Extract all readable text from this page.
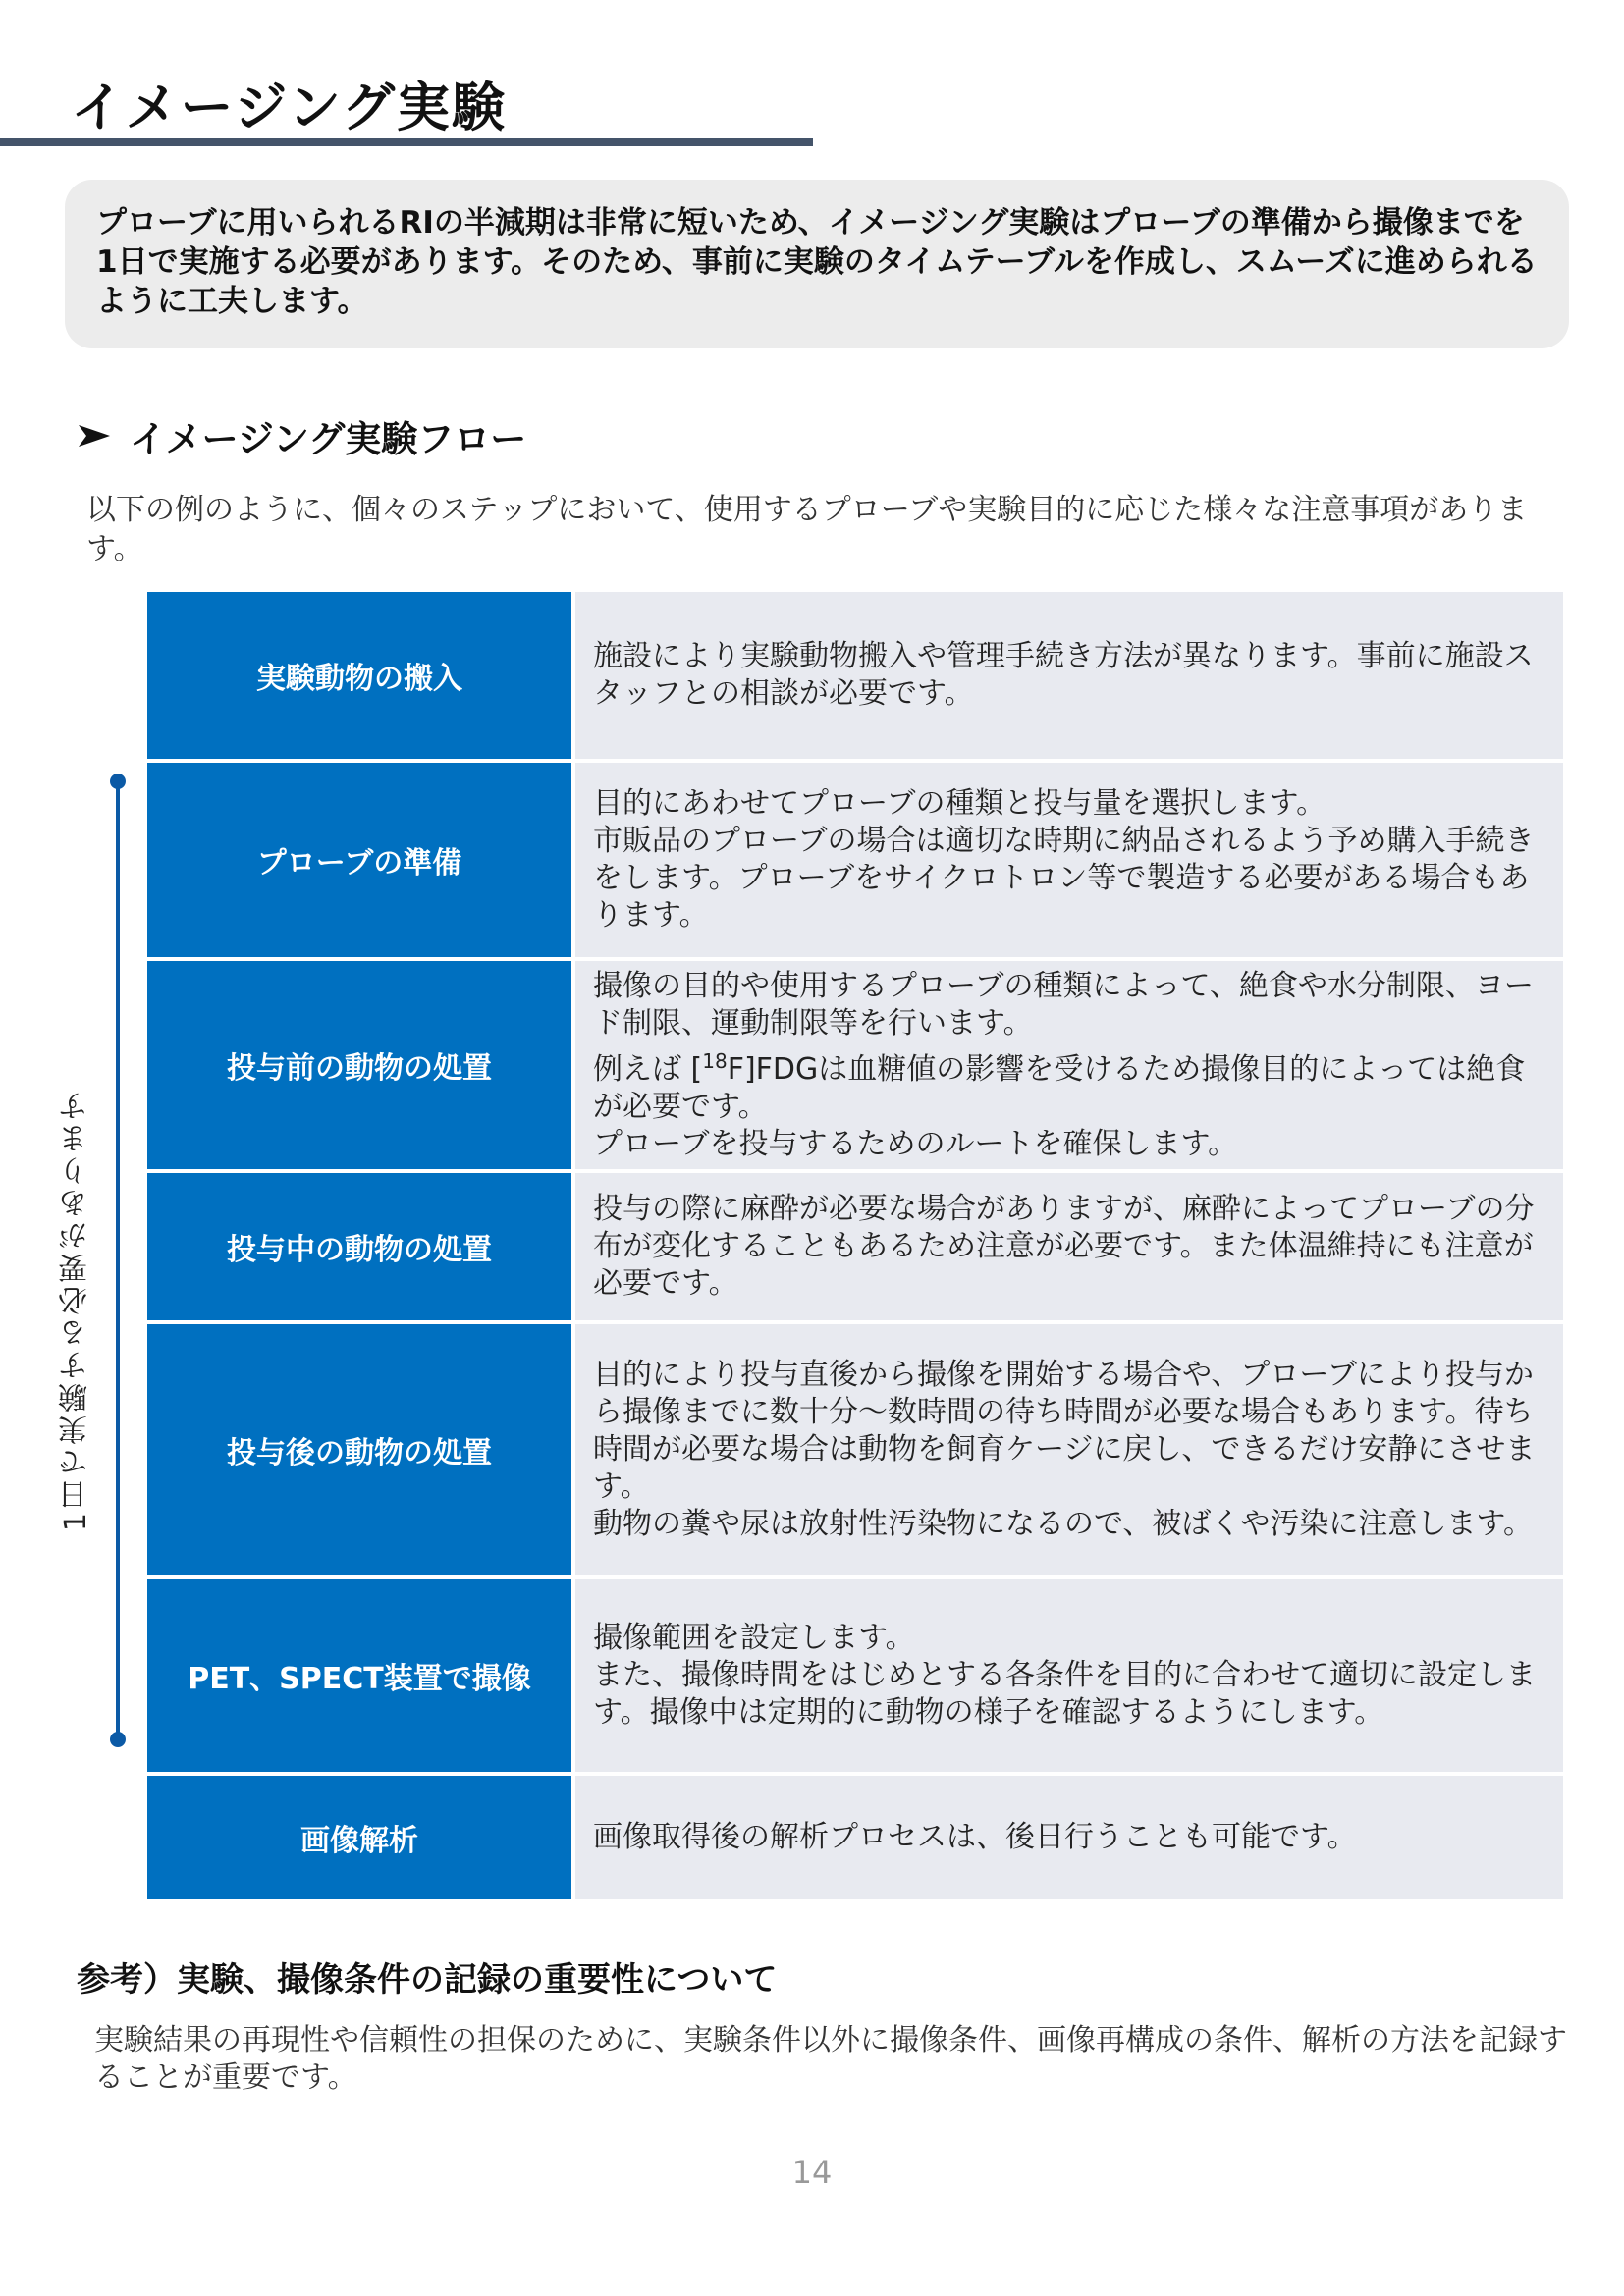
イメージング実験

プローブに用いられるRIの半減期は非常に短いため、イメージング実験はプローブの準備から撮像までを1日で実施する必要があります。そのため、事前に実験のタイムテーブルを作成し、スムーズに進められるように工夫します。

イメージング実験フロー

以下の例のように、個々のステップにおいて、使用するプローブや実験目的に応じた様々な注意事項があります。

1日で実験する必要があります
実験動物の搬入

施設により実験動物搬入や管理手続き方法が異なります。事前に施設スタッフとの相談が必要です。

プローブの準備

目的にあわせてプローブの種類と投与量を選択します。
市販品のプローブの場合は適切な時期に納品されるよう予め購入手続きをします。プローブをサイクロトロン等で製造する必要がある場合もあります。

投与前の動物の処置

撮像の目的や使用するプローブの種類によって、絶食や水分制限、ヨード制限、運動制限等を行います。
例えば [$^{18}$F]FDGは血糖値の影響を受けるため撮像目的によっては絶食が必要です。
プローブを投与するためのルートを確保します。

投与中の動物の処置

投与の際に麻酔が必要な場合がありますが、麻酔によってプローブの分布が変化することもあるため注意が必要です。また体温維持にも注意が必要です。

投与後の動物の処置

目的により投与直後から撮像を開始する場合や、プローブにより投与から撮像までに数十分〜数時間の待ち時間が必要な場合もあります。待ち時間が必要な場合は動物を飼育ケージに戻し、できるだけ安静にさせます。
動物の糞や尿は放射性汚染物になるので、被ばくや汚染に注意します。

PET、SPECT装置で撮像

撮像範囲を設定します。
また、撮像時間をはじめとする各条件を目的に合わせて適切に設定します。撮像中は定期的に動物の様子を確認するようにします。

画像解析	画像取得後の解析プロセスは、後日行うことも可能です。

参考）実験、撮像条件の記録の重要性について

実験結果の再現性や信頼性の担保のために、実験条件以外に撮像条件、画像再構成の条件、解析の方法を記録することが重要です。

14
